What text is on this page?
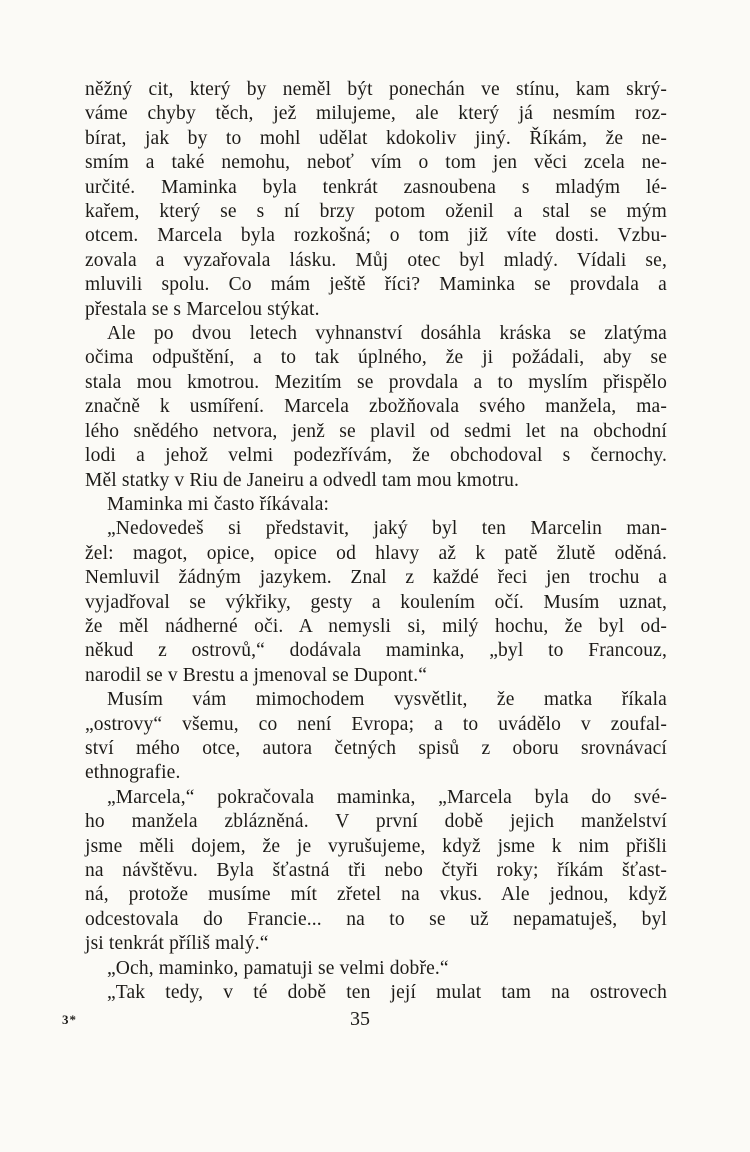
něžný cit, který by neměl být ponechán ve stínu, kam skrý-
váme chyby těch, jež milujeme, ale který já nesmím roz-
bírat, jak by to mohl udělat kdokoliv jiný. Říkám, že ne-
smím a také nemohu, neboť vím o tom jen věci zcela ne-
určité. Maminka byla tenkrát zasnoubena s mladým lé-
kařem, který se s ní brzy potom oženil a stal se mým
otcem. Marcela byla rozkošná; o tom již víte dosti. Vzbu-
zovala a vyzařovala lásku. Můj otec byl mladý. Vídali se,
mluvili spolu. Co mám ještě říci? Maminka se provdala a
přestala se s Marcelou stýkat.
Ale po dvou letech vyhnanství dosáhla kráska se zlatýma
očima odpuštění, a to tak úplného, že ji požádali, aby se
stala mou kmotrou. Mezitím se provdala a to myslím přispělo
značně k usmíření. Marcela zbožňovala svého manžela, ma-
lého snědého netvora, jenž se plavil od sedmi let na obchodní
lodi a jehož velmi podezřívám, že obchodoval s černochy.
Měl statky v Riu de Janeiru a odvedl tam mou kmotru.
Maminka mi často říkávala:
„Nedovedeš si představit, jaký byl ten Marcelin man-
žel: magot, opice, opice od hlavy až k patě žlutě oděná.
Nemluvil žádným jazykem. Znal z každé řeci jen trochu a
vyjadřoval se výkřiky, gesty a koulením očí. Musím uznat,
že měl nádherné oči. A nemysli si, milý hochu, že byl od-
někud z ostrovů,“ dodávala maminka, „byl to Francouz,
narodil se v Brestu a jmenoval se Dupont.“
Musím vám mimochodem vysvětlit, že matka říkala
„ostrovy“ všemu, co není Evropa; a to uvádělo v zoufal-
ství mého otce, autora četných spisů z oboru srovnávací
ethnografie.
„Marcela,“ pokračovala maminka, „Marcela byla do své-
ho manžela zblázněná. V první době jejich manželství
jsme měli dojem, že je vyrušujeme, když jsme k nim přišli
na návštěvu. Byla šťastná tři nebo čtyři roky; říkám šťast-
ná, protože musíme mít zřetel na vkus. Ale jednou, když
odcestovala do Francie... na to se už nepamatuješ, byl
jsi tenkrát příliš malý.“
„Och, maminko, pamatuji se velmi dobře.“
„Tak tedy, v té době ten její mulat tam na ostrovech
3*	35
